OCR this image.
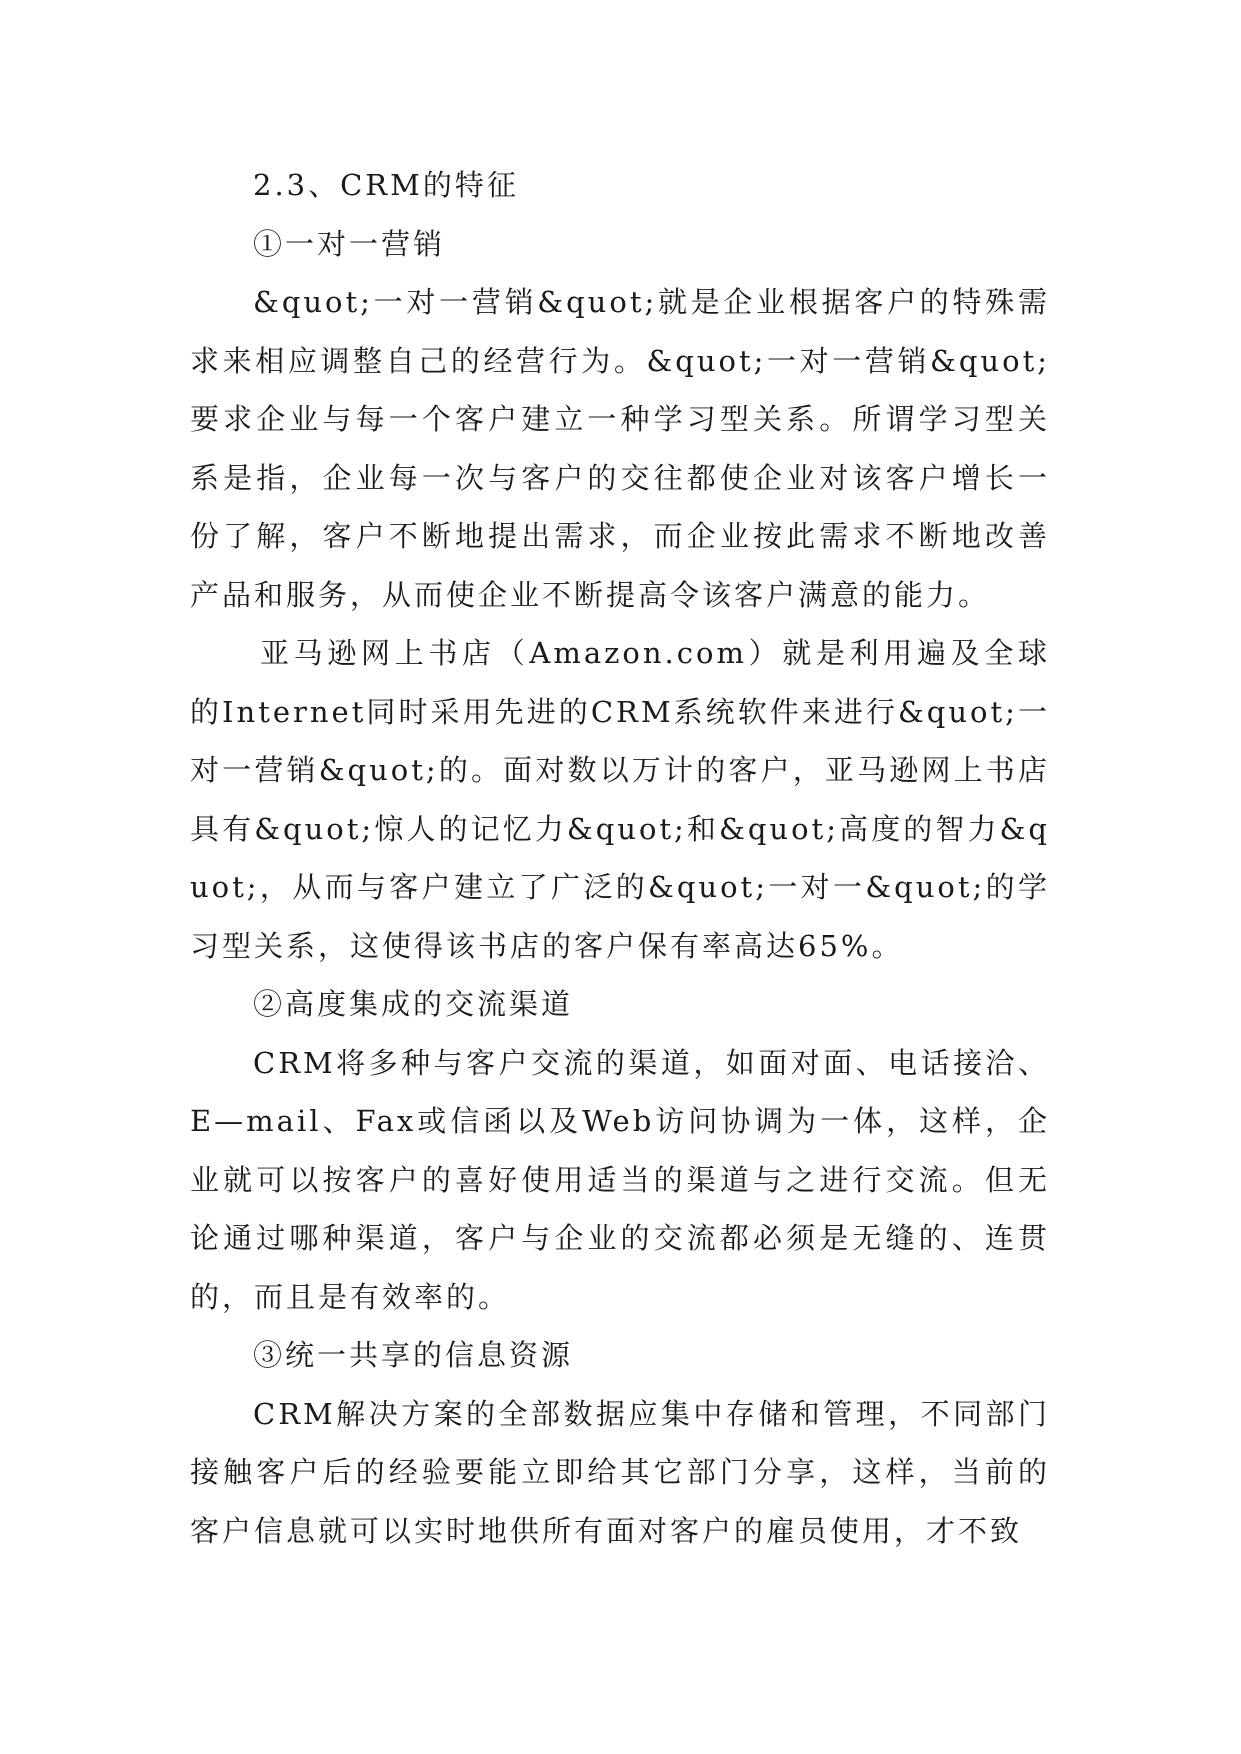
2.3、CRM的特征

①一对一营销

&quot;一对一营销&quot;就是企业根据客户的特殊需求来相应调整自己的经营行为。&quot;一对一营销&quot;要求企业与每一个客户建立一种学习型关系。所谓学习型关系是指，企业每一次与客户的交往都使企业对该客户增长一份了解，客户不断地提出需求，而企业按此需求不断地改善产品和服务，从而使企业不断提高令该客户满意的能力。

亚马逊网上书店（Amazon.com）就是利用遍及全球的Internet同时采用先进的CRM系统软件来进行&quot;一对一营销&quot;的。面对数以万计的客户，亚马逊网上书店具有&quot;惊人的记忆力&quot;和&quot;高度的智力&quot;，从而与客户建立了广泛的&quot;一对一&quot;的学习型关系，这使得该书店的客户保有率高达65%。

②高度集成的交流渠道

CRM将多种与客户交流的渠道，如面对面、电话接洽、E—mail、Fax或信函以及Web访问协调为一体，这样，企业就可以按客户的喜好使用适当的渠道与之进行交流。但无论通过哪种渠道，客户与企业的交流都必须是无缝的、连贯的，而且是有效率的。

③统一共享的信息资源

CRM解决方案的全部数据应集中存储和管理，不同部门接触客户后的经验要能立即给其它部门分享，这样，当前的客户信息就可以实时地供所有面对客户的雇员使用，才不致
